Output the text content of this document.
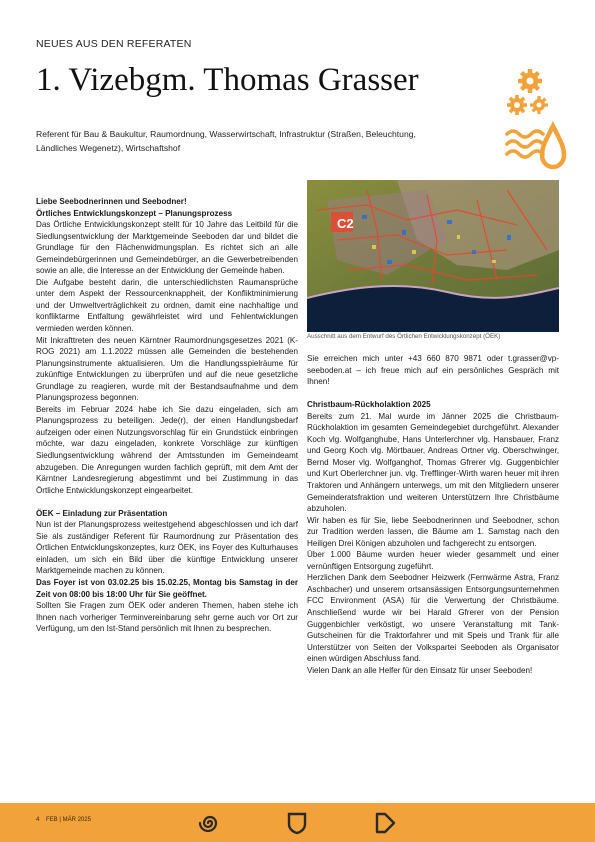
NEUES AUS DEN REFERATEN
1. Vizebgm. Thomas Grasser
Referent für Bau & Baukultur, Raumordnung, Wasserwirtschaft, Infrastruktur (Straßen, Beleuchtung, Ländliches Wegenetz), Wirtschaftshof

Liebe Seebodnerinnen und Seebodner!

Örtliches Entwicklungskonzept – Planungsprozess

Das Örtliche Entwicklungskonzept stellt für 10 Jahre das Leitbild für die Siedlungsentwicklung der Marktgemeinde Seeboden dar und bildet die Grundlage für den Flächenwidmungsplan. Es richtet sich an alle Gemeindebürgerinnen und Gemeindebürger, an die Gewerbetreibenden sowie an alle, die Interesse an der Entwicklung der Gemeinde haben.

Die Aufgabe besteht darin, die unterschiedlichsten Raumansprüche unter dem Aspekt der Ressourcenknappheit, der Konfliktminimierung und der Umweltverträglichkeit zu ordnen, damit eine nachhaltige und konfliktarme Entfaltung gewährleistet wird und Fehlentwicklungen vermieden werden können.

Mit Inkrafttreten des neuen Kärntner Raumordnungsgesetzes 2021 (K-ROG 2021) am 1.1.2022 müssen alle Gemeinden die bestehenden Planungsinstrumente aktualisieren. Um die Handlungsspielräume für zukünftige Entwicklungen zu überprüfen und auf die neue gesetzliche Grundlage zu reagieren, wurde mit der Bestandsaufnahme und dem Planungsprozess begonnen.

Bereits im Februar 2024 habe ich Sie dazu eingeladen, sich am Planungsprozess zu beteiligen. Jede(r), der einen Handlungsbedarf aufzeigen oder einen Nutzungsvorschlag für ein Grundstück einbringen möchte, war dazu eingeladen, konkrete Vorschläge zur künftigen Siedlungsentwicklung während der Amtsstunden im Gemeindeamt abzugeben. Die Anregungen wurden fachlich geprüft, mit dem Amt der Kärntner Landesregierung abgestimmt und bei Zustimmung in das Örtliche Entwicklungskonzept eingearbeitet.

ÖEK – Einladung zur Präsentation

Nun ist der Planungsprozess weitestgehend abgeschlossen und ich darf Sie als zuständiger Referent für Raumordnung zur Präsentation des Örtlichen Entwicklungskonzeptes, kurz ÖEK, ins Foyer des Kulturhauses einladen, um sich ein Bild über die künftige Entwicklung unserer Marktgemeinde machen zu können.

Das Foyer ist von 03.02.25 bis 15.02.25, Montag bis Samstag in der Zeit von 08:00 bis 18:00 Uhr für Sie geöffnet.

Sollten Sie Fragen zum ÖEK oder anderen Themen, haben stehe ich Ihnen nach vorheriger Terminvereinbarung sehr gerne auch vor Ort zur Verfügung, um den Ist-Stand persönlich mit Ihnen zu besprechen.

C2
Ausschnitt aus dem Entwurf des Örtlichen Entwicklungskonzept (ÖEK)

Sie erreichen mich unter +43 660 870 9871 oder t.grasser@vp-seeboden.at – ich freue mich auf ein persönliches Gespräch mit Ihnen!

Christbaum-Rückholaktion 2025

Bereits zum 21. Mal wurde im Jänner 2025 die Christbaum-Rückholaktion im gesamten Gemeindegebiet durchgeführt. Alexander Koch vlg. Wolfganghube, Hans Unterlerchner vlg. Hansbauer, Franz und Georg Koch vlg. Mörtbauer, Andreas Ortner vlg. Oberschwinger, Bernd Moser vlg. Wolfganghof, Thomas Gfrerer vlg. Guggenbichler und Kurt Oberlerchner jun. vlg. Trefflinger-Wirth waren heuer mit ihren Traktoren und Anhängern unterwegs, um mit den Mitgliedern unserer Gemeinderatsfraktion und weiteren Unterstützern Ihre Christbäume abzuholen.

Wir haben es für Sie, liebe Seebodnerinnen und Seebodner, schon zur Tradition werden lassen, die Bäume am 1. Samstag nach den Heiligen Drei Königen abzuholen und fachgerecht zu entsorgen.

Über 1.000 Bäume wurden heuer wieder gesammelt und einer vernünftigen Entsorgung zugeführt.

Herzlichen Dank dem Seebodner Heizwerk (Fernwärme Astra, Franz Aschbacher) und unserem ortsansässigen Entsorgungsunternehmen FCC Environment (ASA) für die Verwertung der Christbäume. Anschließend wurde wir bei Harald Gfrerer von der Pension Guggenbichler verköstigt, wo unsere Veranstaltung mit Tank-Gutscheinen für die Traktorfahrer und mit Speis und Trank für alle Unterstützer von Seiten der Volkspartei Seeboden als Organisator einen würdigen Abschluss fand.

Vielen Dank an alle Helfer für den Einsatz für unser Seeboden!

4 FEB | MÄR 2025
